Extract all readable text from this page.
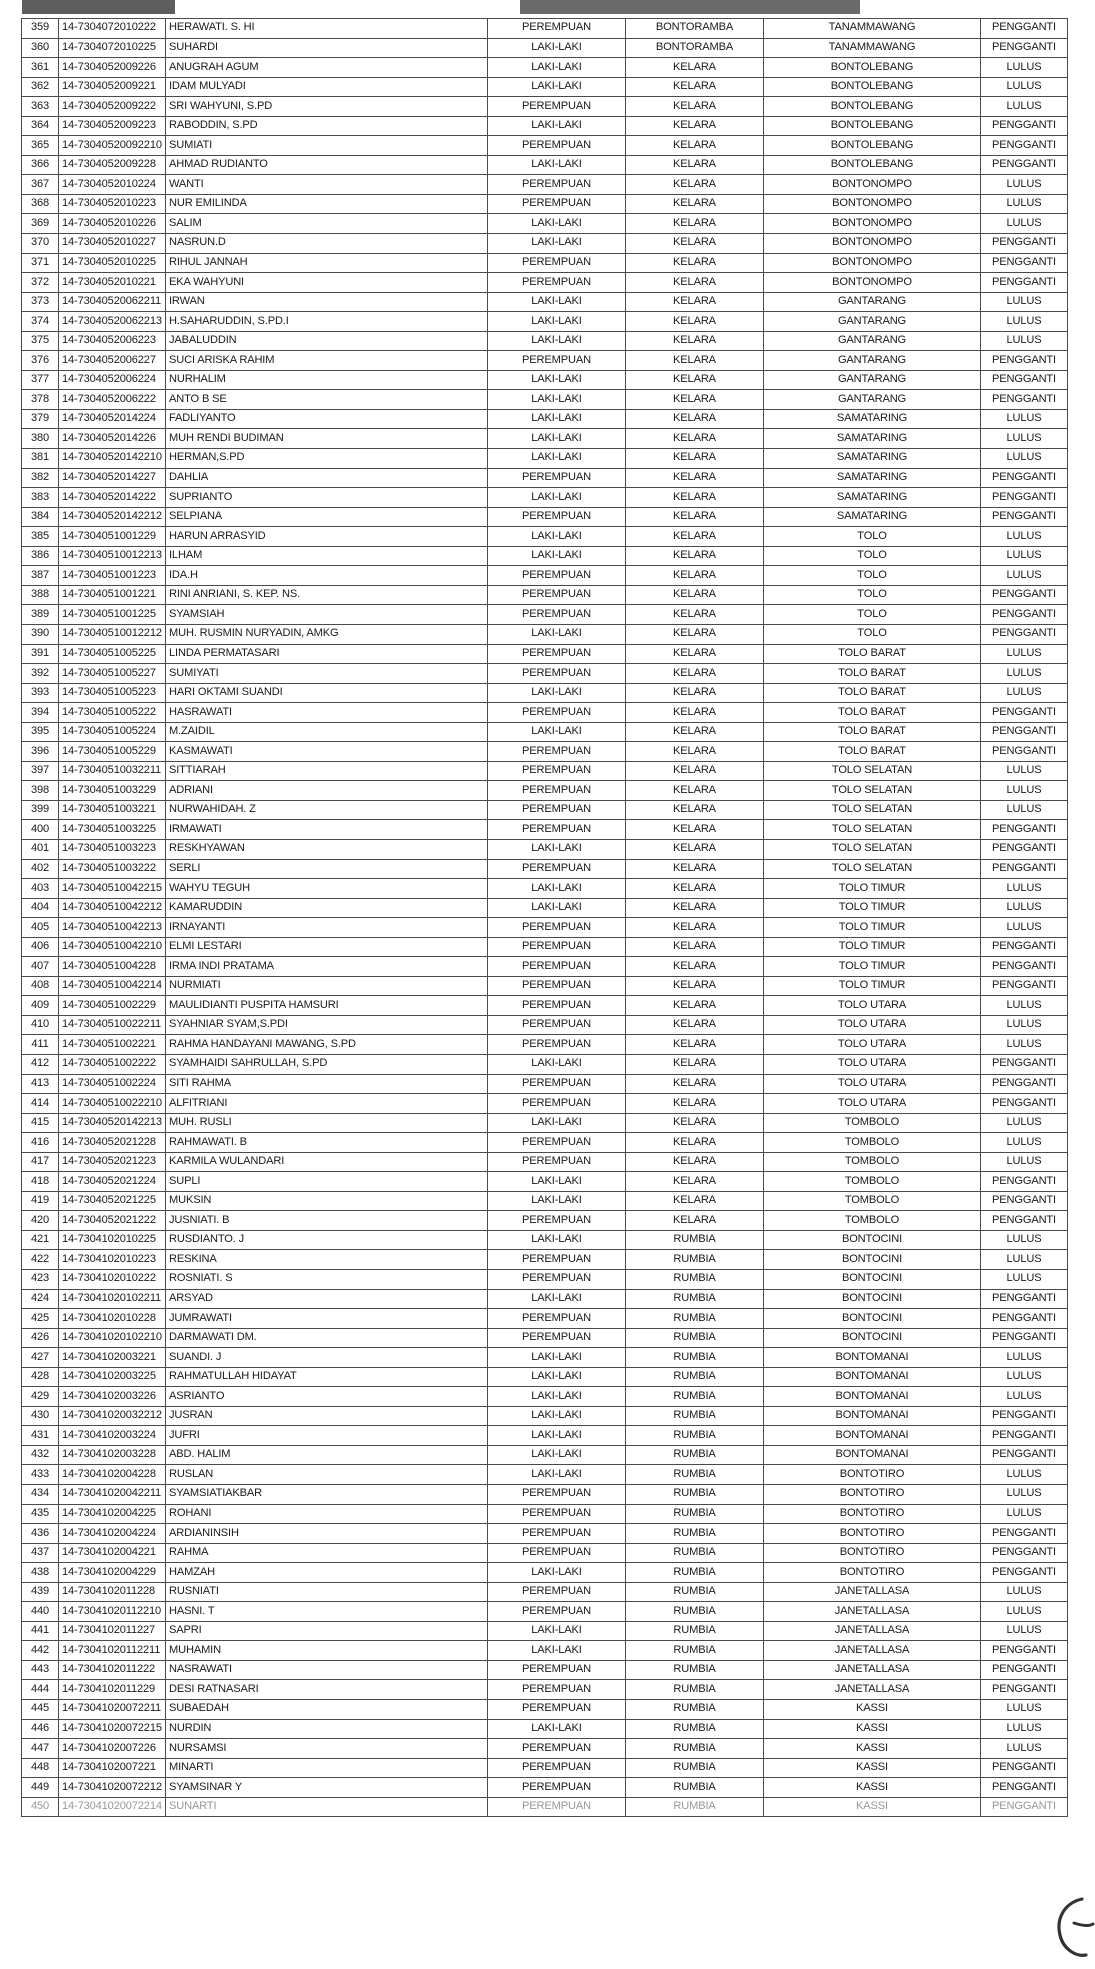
359	14-7304072010222	HERAWATI. S. HI	PEREMPUAN	BONTORAMBA	TANAMMAWANG	PENGGANTI
360	14-7304072010225	SUHARDI	LAKI-LAKI	BONTORAMBA	TANAMMAWANG	PENGGANTI
361	14-7304052009226	ANUGRAH AGUM	LAKI-LAKI	KELARA	BONTOLEBANG	LULUS
362	14-7304052009221	IDAM MULYADI	LAKI-LAKI	KELARA	BONTOLEBANG	LULUS
363	14-7304052009222	SRI WAHYUNI, S.PD	PEREMPUAN	KELARA	BONTOLEBANG	LULUS
364	14-7304052009223	RABODDIN, S.PD	LAKI-LAKI	KELARA	BONTOLEBANG	PENGGANTI
365	14-73040520092210	SUMIATI	PEREMPUAN	KELARA	BONTOLEBANG	PENGGANTI
366	14-7304052009228	AHMAD RUDIANTO	LAKI-LAKI	KELARA	BONTOLEBANG	PENGGANTI
367	14-7304052010224	WANTI	PEREMPUAN	KELARA	BONTONOMPO	LULUS
368	14-7304052010223	NUR EMILINDA	PEREMPUAN	KELARA	BONTONOMPO	LULUS
369	14-7304052010226	SALIM	LAKI-LAKI	KELARA	BONTONOMPO	LULUS
370	14-7304052010227	NASRUN.D	LAKI-LAKI	KELARA	BONTONOMPO	PENGGANTI
371	14-7304052010225	RIHUL JANNAH	PEREMPUAN	KELARA	BONTONOMPO	PENGGANTI
372	14-7304052010221	EKA WAHYUNI	PEREMPUAN	KELARA	BONTONOMPO	PENGGANTI
373	14-73040520062211	IRWAN	LAKI-LAKI	KELARA	GANTARANG	LULUS
374	14-73040520062213	H.SAHARUDDIN, S.PD.I	LAKI-LAKI	KELARA	GANTARANG	LULUS
375	14-7304052006223	JABALUDDIN	LAKI-LAKI	KELARA	GANTARANG	LULUS
376	14-7304052006227	SUCI ARISKA RAHIM	PEREMPUAN	KELARA	GANTARANG	PENGGANTI
377	14-7304052006224	NURHALIM	LAKI-LAKI	KELARA	GANTARANG	PENGGANTI
378	14-7304052006222	ANTO B SE	LAKI-LAKI	KELARA	GANTARANG	PENGGANTI
379	14-7304052014224	FADLIYANTO	LAKI-LAKI	KELARA	SAMATARING	LULUS
380	14-7304052014226	MUH RENDI BUDIMAN	LAKI-LAKI	KELARA	SAMATARING	LULUS
381	14-73040520142210	HERMAN,S.PD	LAKI-LAKI	KELARA	SAMATARING	LULUS
382	14-7304052014227	DAHLIA	PEREMPUAN	KELARA	SAMATARING	PENGGANTI
383	14-7304052014222	SUPRIANTO	LAKI-LAKI	KELARA	SAMATARING	PENGGANTI
384	14-73040520142212	SELPIANA	PEREMPUAN	KELARA	SAMATARING	PENGGANTI
385	14-7304051001229	HARUN ARRASYID	LAKI-LAKI	KELARA	TOLO	LULUS
386	14-73040510012213	ILHAM	LAKI-LAKI	KELARA	TOLO	LULUS
387	14-7304051001223	IDA.H	PEREMPUAN	KELARA	TOLO	LULUS
388	14-7304051001221	RINI ANRIANI, S. KEP. NS.	PEREMPUAN	KELARA	TOLO	PENGGANTI
389	14-7304051001225	SYAMSIAH	PEREMPUAN	KELARA	TOLO	PENGGANTI
390	14-73040510012212	MUH. RUSMIN NURYADIN, AMKG	LAKI-LAKI	KELARA	TOLO	PENGGANTI
391	14-7304051005225	LINDA PERMATASARI	PEREMPUAN	KELARA	TOLO BARAT	LULUS
392	14-7304051005227	SUMIYATI	PEREMPUAN	KELARA	TOLO BARAT	LULUS
393	14-7304051005223	HARI OKTAMI SUANDI	LAKI-LAKI	KELARA	TOLO BARAT	LULUS
394	14-7304051005222	HASRAWATI	PEREMPUAN	KELARA	TOLO BARAT	PENGGANTI
395	14-7304051005224	M.ZAIDIL	LAKI-LAKI	KELARA	TOLO BARAT	PENGGANTI
396	14-7304051005229	KASMAWATI	PEREMPUAN	KELARA	TOLO BARAT	PENGGANTI
397	14-73040510032211	SITTIARAH	PEREMPUAN	KELARA	TOLO SELATAN	LULUS
398	14-7304051003229	ADRIANI	PEREMPUAN	KELARA	TOLO SELATAN	LULUS
399	14-7304051003221	NURWAHIDAH. Z	PEREMPUAN	KELARA	TOLO SELATAN	LULUS
400	14-7304051003225	IRMAWATI	PEREMPUAN	KELARA	TOLO SELATAN	PENGGANTI
401	14-7304051003223	RESKHYAWAN	LAKI-LAKI	KELARA	TOLO SELATAN	PENGGANTI
402	14-7304051003222	SERLI	PEREMPUAN	KELARA	TOLO SELATAN	PENGGANTI
403	14-73040510042215	WAHYU TEGUH	LAKI-LAKI	KELARA	TOLO TIMUR	LULUS
404	14-73040510042212	KAMARUDDIN	LAKI-LAKI	KELARA	TOLO TIMUR	LULUS
405	14-73040510042213	IRNAYANTI	PEREMPUAN	KELARA	TOLO TIMUR	LULUS
406	14-73040510042210	ELMI LESTARI	PEREMPUAN	KELARA	TOLO TIMUR	PENGGANTI
407	14-7304051004228	IRMA INDI PRATAMA	PEREMPUAN	KELARA	TOLO TIMUR	PENGGANTI
408	14-73040510042214	NURMIATI	PEREMPUAN	KELARA	TOLO TIMUR	PENGGANTI
409	14-7304051002229	MAULIDIANTI PUSPITA HAMSURI	PEREMPUAN	KELARA	TOLO UTARA	LULUS
410	14-73040510022211	SYAHNIAR SYAM,S.PDI	PEREMPUAN	KELARA	TOLO UTARA	LULUS
411	14-7304051002221	RAHMA HANDAYANI MAWANG, S.PD	PEREMPUAN	KELARA	TOLO UTARA	LULUS
412	14-7304051002222	SYAMHAIDI SAHRULLAH, S.PD	LAKI-LAKI	KELARA	TOLO UTARA	PENGGANTI
413	14-7304051002224	SITI RAHMA	PEREMPUAN	KELARA	TOLO UTARA	PENGGANTI
414	14-73040510022210	ALFITRIANI	PEREMPUAN	KELARA	TOLO UTARA	PENGGANTI
415	14-73040520142213	MUH. RUSLI	LAKI-LAKI	KELARA	TOMBOLO	LULUS
416	14-7304052021228	RAHMAWATI. B	PEREMPUAN	KELARA	TOMBOLO	LULUS
417	14-7304052021223	KARMILA WULANDARI	PEREMPUAN	KELARA	TOMBOLO	LULUS
418	14-7304052021224	SUPLI	LAKI-LAKI	KELARA	TOMBOLO	PENGGANTI
419	14-7304052021225	MUKSIN	LAKI-LAKI	KELARA	TOMBOLO	PENGGANTI
420	14-7304052021222	JUSNIATI. B	PEREMPUAN	KELARA	TOMBOLO	PENGGANTI
421	14-7304102010225	RUSDIANTO. J	LAKI-LAKI	RUMBIA	BONTOCINI	LULUS
422	14-7304102010223	RESKINA	PEREMPUAN	RUMBIA	BONTOCINI	LULUS
423	14-7304102010222	ROSNIATI. S	PEREMPUAN	RUMBIA	BONTOCINI	LULUS
424	14-73041020102211	ARSYAD	LAKI-LAKI	RUMBIA	BONTOCINI	PENGGANTI
425	14-7304102010228	JUMRAWATI	PEREMPUAN	RUMBIA	BONTOCINI	PENGGANTI
426	14-73041020102210	DARMAWATI DM.	PEREMPUAN	RUMBIA	BONTOCINI	PENGGANTI
427	14-7304102003221	SUANDI. J	LAKI-LAKI	RUMBIA	BONTOMANAI	LULUS
428	14-7304102003225	RAHMATULLAH HIDAYAT	LAKI-LAKI	RUMBIA	BONTOMANAI	LULUS
429	14-7304102003226	ASRIANTO	LAKI-LAKI	RUMBIA	BONTOMANAI	LULUS
430	14-73041020032212	JUSRAN	LAKI-LAKI	RUMBIA	BONTOMANAI	PENGGANTI
431	14-7304102003224	JUFRI	LAKI-LAKI	RUMBIA	BONTOMANAI	PENGGANTI
432	14-7304102003228	ABD. HALIM	LAKI-LAKI	RUMBIA	BONTOMANAI	PENGGANTI
433	14-7304102004228	RUSLAN	LAKI-LAKI	RUMBIA	BONTOTIRO	LULUS
434	14-73041020042211	SYAMSIATIAKBAR	PEREMPUAN	RUMBIA	BONTOTIRO	LULUS
435	14-7304102004225	ROHANI	PEREMPUAN	RUMBIA	BONTOTIRO	LULUS
436	14-7304102004224	ARDIANINSIH	PEREMPUAN	RUMBIA	BONTOTIRO	PENGGANTI
437	14-7304102004221	RAHMA	PEREMPUAN	RUMBIA	BONTOTIRO	PENGGANTI
438	14-7304102004229	HAMZAH	LAKI-LAKI	RUMBIA	BONTOTIRO	PENGGANTI
439	14-7304102011228	RUSNIATI	PEREMPUAN	RUMBIA	JANETALLASA	LULUS
440	14-73041020112210	HASNI. T	PEREMPUAN	RUMBIA	JANETALLASA	LULUS
441	14-7304102011227	SAPRI	LAKI-LAKI	RUMBIA	JANETALLASA	LULUS
442	14-73041020112211	MUHAMIN	LAKI-LAKI	RUMBIA	JANETALLASA	PENGGANTI
443	14-7304102011222	NASRAWATI	PEREMPUAN	RUMBIA	JANETALLASA	PENGGANTI
444	14-7304102011229	DESI RATNASARI	PEREMPUAN	RUMBIA	JANETALLASA	PENGGANTI
445	14-73041020072211	SUBAEDAH	PEREMPUAN	RUMBIA	KASSI	LULUS
446	14-73041020072215	NURDIN	LAKI-LAKI	RUMBIA	KASSI	LULUS
447	14-7304102007226	NURSAMSI	PEREMPUAN	RUMBIA	KASSI	LULUS
448	14-7304102007221	MINARTI	PEREMPUAN	RUMBIA	KASSI	PENGGANTI
449	14-73041020072212	SYAMSINAR Y	PEREMPUAN	RUMBIA	KASSI	PENGGANTI
450	14-73041020072214	SUNARTI	PEREMPUAN	RUMBIA	KASSI	PENGGANTI
